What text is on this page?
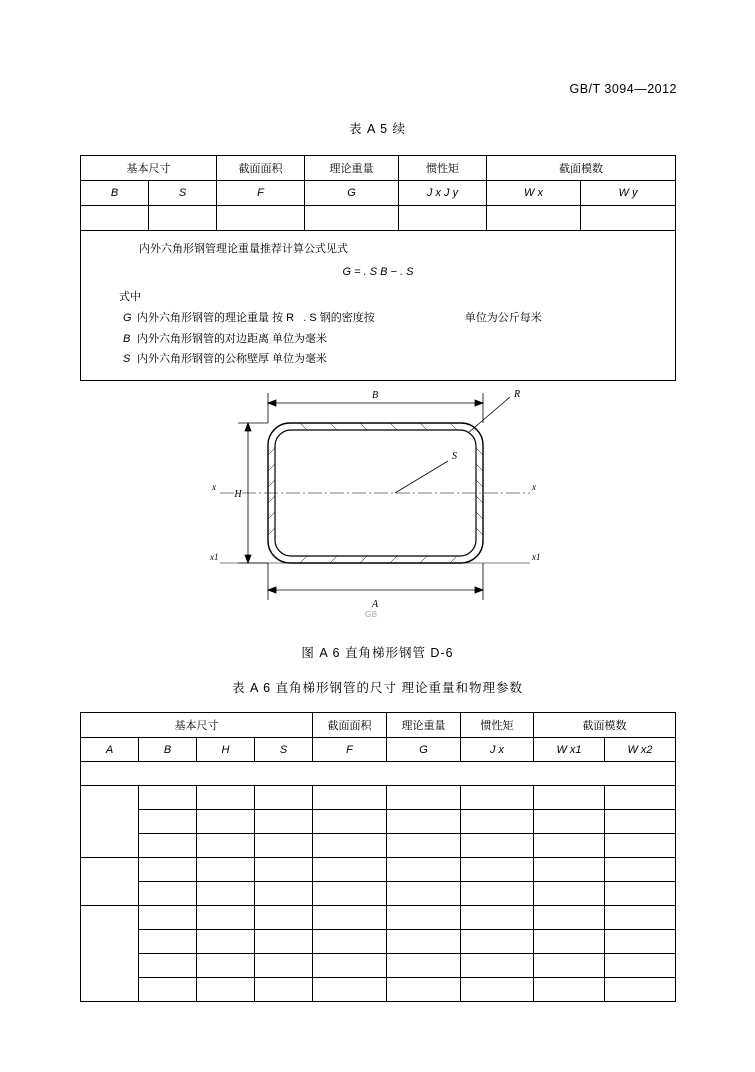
GB/T 3094—2012
表 A 5 续
基本尺寸		截面面积	理论重量	惯性矩	截面模数	
B	S	F	G	J x J y	W x	W y

内外六角形钢管理论重量推荐计算公式见式
G = . S B − . S
式中
G 内外六角形钢管的理论重量 按 R   . S 钢的密度按	单位为公斤每米
B 内外六角形钢管的对边距离 单位为毫米
S 内外六角形钢管的公称壁厚 单位为毫米
B
H
A
x	x
x1	x1
R
S
GB
图 A 6 直角梯形钢管 D-6
表 A 6 直角梯形钢管的尺寸 理论重量和物理参数
基本尺寸				截面面积	理论重量	惯性矩	截面模数	
A	B	H	S	F	G	J x	W x1	W x2
